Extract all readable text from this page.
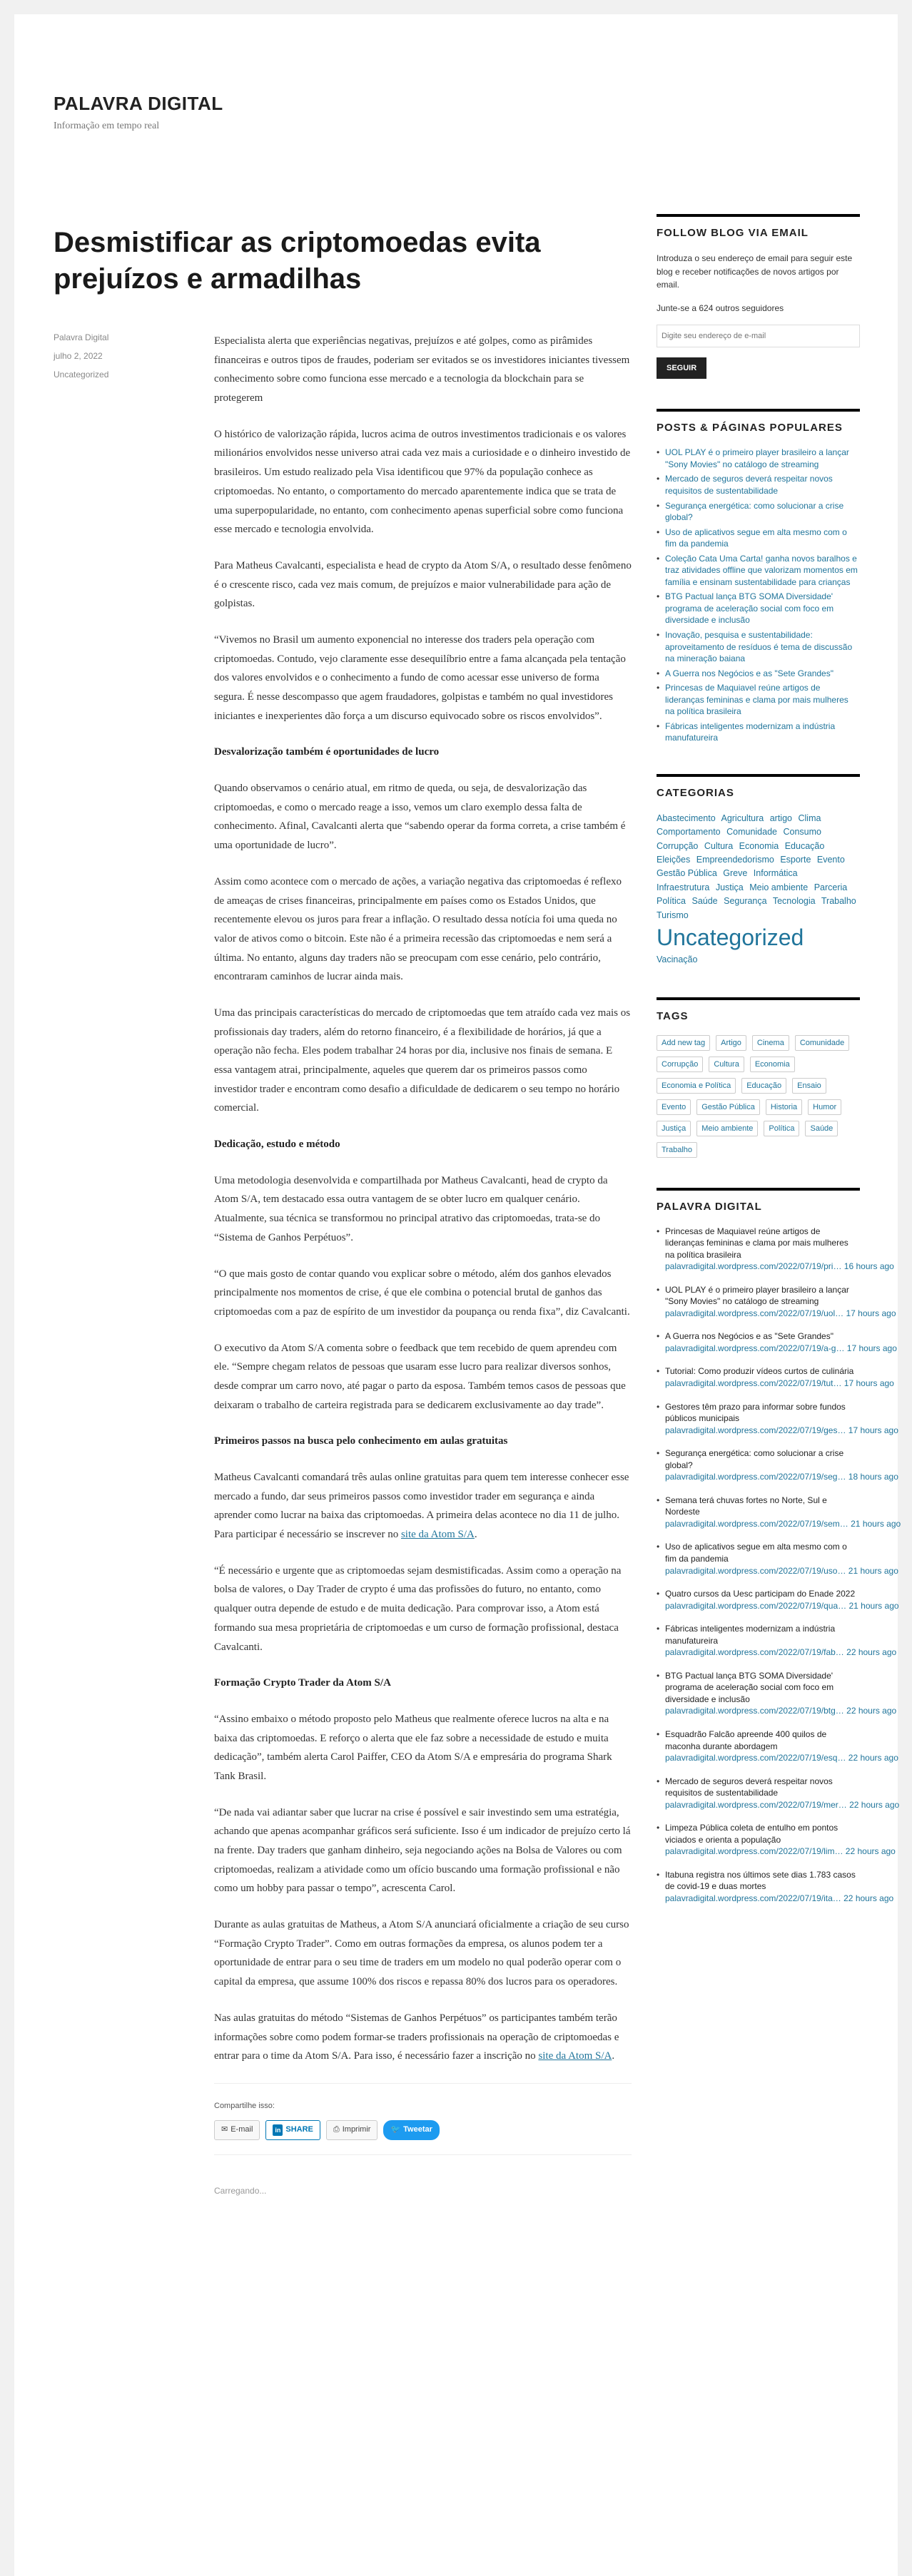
PALAVRA DIGITAL
Informação em tempo real
Desmistificar as criptomoedas evita prejuízos e armadilhas
Palavra Digital
julho 2, 2022
Uncategorized

Especialista alerta que experiências negativas, prejuízos e até golpes, como as pirâmides financeiras e outros tipos de fraudes, poderiam ser evitados se os investidores iniciantes tivessem conhecimento sobre como funciona esse mercado e a tecnologia da blockchain para se protegerem

O histórico de valorização rápida, lucros acima de outros investimentos tradicionais e os valores milionários envolvidos nesse universo atrai cada vez mais a curiosidade e o dinheiro investido de brasileiros. Um estudo realizado pela Visa identificou que 97% da população conhece as criptomoedas. No entanto, o comportamento do mercado aparentemente indica que se trata de uma superpopularidade, no entanto, com conhecimento apenas superficial sobre como funciona esse mercado e tecnologia envolvida.

Para Matheus Cavalcanti, especialista e head de crypto da Atom S/A, o resultado desse fenômeno é o crescente risco, cada vez mais comum, de prejuízos e maior vulnerabilidade para ação de golpistas.

“Vivemos no Brasil um aumento exponencial no interesse dos traders pela operação com criptomoedas. Contudo, vejo claramente esse desequilíbrio entre a fama alcançada pela tentação dos valores envolvidos e o conhecimento a fundo de como acessar esse universo de forma segura. É nesse descompasso que agem fraudadores, golpistas e também no qual investidores iniciantes e inexperientes dão força a um discurso equivocado sobre os riscos envolvidos”.

Desvalorização também é oportunidades de lucro

Quando observamos o cenário atual, em ritmo de queda, ou seja, de desvalorização das criptomoedas, e como o mercado reage a isso, vemos um claro exemplo dessa falta de conhecimento. Afinal, Cavalcanti alerta que “sabendo operar da forma correta, a crise também é uma oportunidade de lucro”.

Assim como acontece com o mercado de ações, a variação negativa das criptomoedas é reflexo de ameaças de crises financeiras, principalmente em países como os Estados Unidos, que recentemente elevou os juros para frear a inflação. O resultado dessa notícia foi uma queda no valor de ativos como o bitcoin. Este não é a primeira recessão das criptomoedas e nem será a última. No entanto, alguns day traders não se preocupam com esse cenário, pelo contrário, encontraram caminhos de lucrar ainda mais.

Uma das principais características do mercado de criptomoedas que tem atraído cada vez mais os profissionais day traders, além do retorno financeiro, é a flexibilidade de horários, já que a operação não fecha. Eles podem trabalhar 24 horas por dia, inclusive nos finais de semana. E essa vantagem atrai, principalmente, aqueles que querem dar os primeiros passos como investidor trader e encontram como desafio a dificuldade de dedicarem o seu tempo no horário comercial.

Dedicação, estudo e método

Uma metodologia desenvolvida e compartilhada por Matheus Cavalcanti, head de crypto da Atom S/A, tem destacado essa outra vantagem de se obter lucro em qualquer cenário. Atualmente, sua técnica se transformou no principal atrativo das criptomoedas, trata-se do “Sistema de Ganhos Perpétuos”.

“O que mais gosto de contar quando vou explicar sobre o método, além dos ganhos elevados principalmente nos momentos de crise, é que ele combina o potencial brutal de ganhos das criptomoedas com a paz de espírito de um investidor da poupança ou renda fixa”, diz Cavalcanti.

O executivo da Atom S/A comenta sobre o feedback que tem recebido de quem aprendeu com ele. “Sempre chegam relatos de pessoas que usaram esse lucro para realizar diversos sonhos, desde comprar um carro novo, até pagar o parto da esposa. Também temos casos de pessoas que deixaram o trabalho de carteira registrada para se dedicarem exclusivamente ao day trade”.

Primeiros passos na busca pelo conhecimento em aulas gratuitas

Matheus Cavalcanti comandará três aulas online gratuitas para quem tem interesse conhecer esse mercado a fundo, dar seus primeiros passos como investidor trader em segurança e ainda aprender como lucrar na baixa das criptomoedas. A primeira delas acontece no dia 11 de julho. Para participar é necessário se inscrever no site da Atom S/A.

“É necessário e urgente que as criptomoedas sejam desmistificadas. Assim como a operação na bolsa de valores, o Day Trader de crypto é uma das profissões do futuro, no entanto, como qualquer outra depende de estudo e de muita dedicação. Para comprovar isso, a Atom está formando sua mesa proprietária de criptomoedas e um curso de formação profissional, destaca Cavalcanti.

Formação Crypto Trader da Atom S/A

“Assino embaixo o método proposto pelo Matheus que realmente oferece lucros na alta e na baixa das criptomoedas. E reforço o alerta que ele faz sobre a necessidade de estudo e muita dedicação”, também alerta Carol Paiffer, CEO da Atom S/A e empresária do programa Shark Tank Brasil.

“De nada vai adiantar saber que lucrar na crise é possível e sair investindo sem uma estratégia, achando que apenas acompanhar gráficos será suficiente. Isso é um indicador de prejuízo certo lá na frente. Day traders que ganham dinheiro, seja negociando ações na Bolsa de Valores ou com criptomoedas, realizam a atividade como um ofício buscando uma formação profissional e não como um hobby para passar o tempo”, acrescenta Carol.

Durante as aulas gratuitas de Matheus, a Atom S/A anunciará oficialmente a criação de seu curso “Formação Crypto Trader”. Como em outras formações da empresa, os alunos podem ter a oportunidade de entrar para o seu time de traders em um modelo no qual poderão operar com o capital da empresa, que assume 100% dos riscos e repassa 80% dos lucros para os operadores.

Nas aulas gratuitas do método “Sistemas de Ganhos Perpétuos” os participantes também terão informações sobre como podem formar-se traders profissionais na operação de criptomoedas e entrar para o time da Atom S/A. Para isso, é necessário fazer a inscrição no site da Atom S/A.

Compartilhe isso:
✉ E-mail	in SHARE	⎙ Imprimir	🐦 Tweetar
Carregando...
FOLLOW BLOG VIA EMAIL

Introduza o seu endereço de email para seguir este blog e receber notificações de novos artigos por email.

Junte-se a 624 outros seguidores

Digite seu endereço de e-mail SEGUIR
POSTS & PÁGINAS POPULARES
• UOL PLAY é o primeiro player brasileiro a lançar "Sony Movies" no catálogo de streaming
• Mercado de seguros deverá respeitar novos requisitos de sustentabilidade
• Segurança energética: como solucionar a crise global?
• Uso de aplicativos segue em alta mesmo com o fim da pandemia
• Coleção Cata Uma Carta! ganha novos baralhos e traz atividades offline que valorizam momentos em família e ensinam sustentabilidade para crianças
• BTG Pactual lança BTG SOMA Diversidade' programa de aceleração social com foco em diversidade e inclusão
• Inovação, pesquisa e sustentabilidade: aproveitamento de resíduos é tema de discussão na mineração baiana
• A Guerra nos Negócios e as "Sete Grandes"
• Princesas de Maquiavel reúne artigos de lideranças femininas e clama por mais mulheres na política brasileira
• Fábricas inteligentes modernizam a indústria manufatureira
CATEGORIAS
Abastecimento Agricultura artigo Clima Comportamento Comunidade Consumo Corrupção Cultura Economia Educação Eleições Empreendedorismo Esporte Evento Gestão Pública Greve Informática Infraestrutura Justiça Meio ambiente Parceria Política Saúde Segurança Tecnologia Trabalho Turismo
Uncategorized
Vacinação
TAGS
Add new tag	Artigo	Cinema	Comunidade
Corrupção	Cultura	Economia
Economia e Política	Educação	Ensaio
Evento	Gestão Pública	Historia	Humor
Justiça	Meio ambiente	Política	Saúde
Trabalho
PALAVRA DIGITAL
• Princesas de Maquiavel reúne artigos de lideranças femininas e clama por mais mulheres na política brasileira
palavradigital.wordpress.com/2022/07/19/pri… 16 hours ago
• UOL PLAY é o primeiro player brasileiro a lançar "Sony Movies" no catálogo de streaming
palavradigital.wordpress.com/2022/07/19/uol… 17 hours ago
• A Guerra nos Negócios e as "Sete Grandes"
palavradigital.wordpress.com/2022/07/19/a-g… 17 hours ago
• Tutorial: Como produzir vídeos curtos de culinária
palavradigital.wordpress.com/2022/07/19/tut… 17 hours ago
• Gestores têm prazo para informar sobre fundos públicos municipais
palavradigital.wordpress.com/2022/07/19/ges… 17 hours ago
• Segurança energética: como solucionar a crise global?
palavradigital.wordpress.com/2022/07/19/seg… 18 hours ago
• Semana terá chuvas fortes no Norte, Sul e Nordeste
palavradigital.wordpress.com/2022/07/19/sem… 21 hours ago
• Uso de aplicativos segue em alta mesmo com o fim da pandemia
palavradigital.wordpress.com/2022/07/19/uso… 21 hours ago
• Quatro cursos da Uesc participam do Enade 2022
palavradigital.wordpress.com/2022/07/19/qua… 21 hours ago
• Fábricas inteligentes modernizam a indústria manufatureira
palavradigital.wordpress.com/2022/07/19/fab… 22 hours ago
• BTG Pactual lança BTG SOMA Diversidade' programa de aceleração social com foco em diversidade e inclusão
palavradigital.wordpress.com/2022/07/19/btg… 22 hours ago
• Esquadrão Falcão apreende 400 quilos de maconha durante abordagem
palavradigital.wordpress.com/2022/07/19/esq… 22 hours ago
• Mercado de seguros deverá respeitar novos requisitos de sustentabilidade
palavradigital.wordpress.com/2022/07/19/mer… 22 hours ago
• Limpeza Pública coleta de entulho em pontos viciados e orienta a população
palavradigital.wordpress.com/2022/07/19/lim… 22 hours ago
• Itabuna registra nos últimos sete dias 1.783 casos de covid-19 e duas mortes
palavradigital.wordpress.com/2022/07/19/ita… 22 hours ago
